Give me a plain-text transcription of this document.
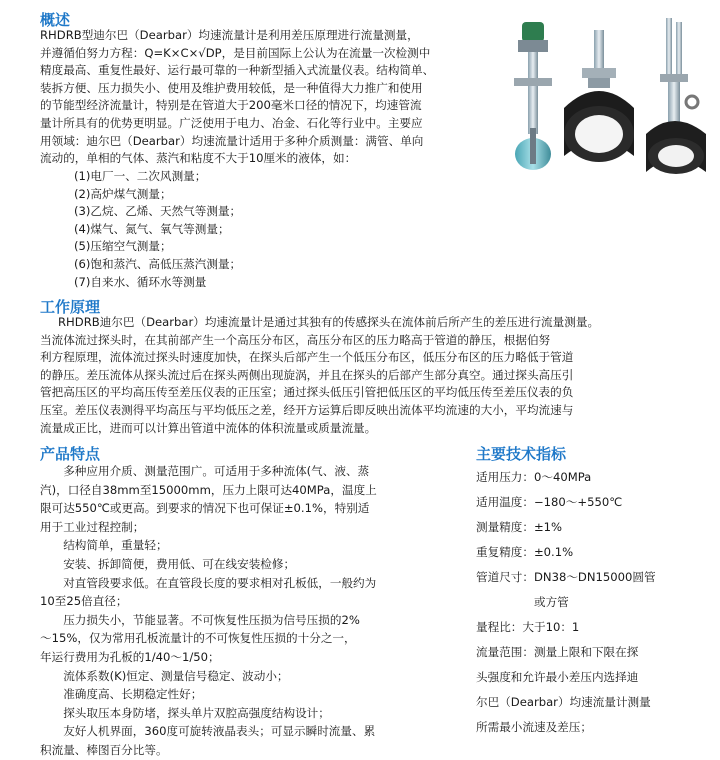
概述

RHDRB型迪尔巴（Dearbar）均速流量计是利用差压原理进行流量测量，

并遵循伯努力方程：Q=K×C×√DP，是目前国际上公认为在流量一次检测中

精度最高、重复性最好、运行最可靠的一种新型插入式流量仪表。结构简单、

装拆方便、压力损失小、使用及维护费用较低，是一种值得大力推广和使用

的节能型经济流量计，特别是在管道大于200毫米口径的情况下，均速管流

量计所具有的优势更明显。广泛使用于电力、冶金、石化等行业中。主要应

用领域：迪尔巴（Dearbar）均速流量计适用于多种介质测量：满管、单向

流动的，单相的气体、蒸汽和粘度不大于10厘米的液体，如：

(1)电厂一、二次风测量；
(2)高炉煤气测量；
(3)乙烷、乙烯、天然气等测量；
(4)煤气、氮气、氧气等测量；
(5)压缩空气测量；
(6)饱和蒸汽、高低压蒸汽测量；
(7)自来水、循环水等测量
工作原理

RHDRB迪尔巴（Dearbar）均速流量计是通过其独有的传感探头在流体前后所产生的差压进行流量测量。

当流体流过探头时，在其前部产生一个高压分布区，高压分布区的压力略高于管道的静压，根据伯努

利方程原理，流体流过探头时速度加快，在探头后部产生一个低压分布区，低压分布区的压力略低于管道

的静压。差压流体从探头流过后在探头两侧出现旋涡，并且在探头的后部产生部分真空。通过探头高压引

管把高压区的平均高压传至差压仪表的正压室；通过探头低压引管把低压区的平均低压传至差压仪表的负

压室。差压仪表测得平均高压与平均低压之差，经开方运算后即反映出流体平均流速的大小，平均流速与

流量成正比，进而可以计算出管道中流体的体积流量或质量流量。

产品特点

　　多种应用介质、测量范围广。可适用于多种流体(气、液、蒸

汽)，口径自38mm至15000mm，压力上限可达40MPa，温度上

限可达550℃或更高。到要求的情况下也可保证±0.1%，特别适

用于工业过程控制；

　　结构简单，重量轻；

　　安装、拆卸简便，费用低、可在线安装检修；

　　对直管段要求低。在直管段长度的要求相对孔板低，一般约为

10至25倍直径；

　　压力损失小，节能显著。不可恢复性压损为信号压损的2%

～15%，仅为常用孔板流量计的不可恢复性压损的十分之一，

年运行费用为孔板的1/40～1/50；

　　流体系数(K)恒定、测量信号稳定、波动小；

　　准确度高、长期稳定性好；

　　探头取压本身防堵，探头单片双腔高强度结构设计；

　　友好人机界面，360度可旋转液晶表头；可显示瞬时流量、累

积流量、棒图百分比等。

主要技术指标
适用压力：0～40MPa
适用温度：−180～+550℃
测量精度：±1%
重复精度：±0.1%
管道尺寸：DN38～DN15000圆管
　　　　　或方管
量程比：大于10：1
流量范围：测量上限和下限在探
头强度和允许最小差压内选择迪
尔巴（Dearbar）均速流量计测量
所需最小流速及差压；
